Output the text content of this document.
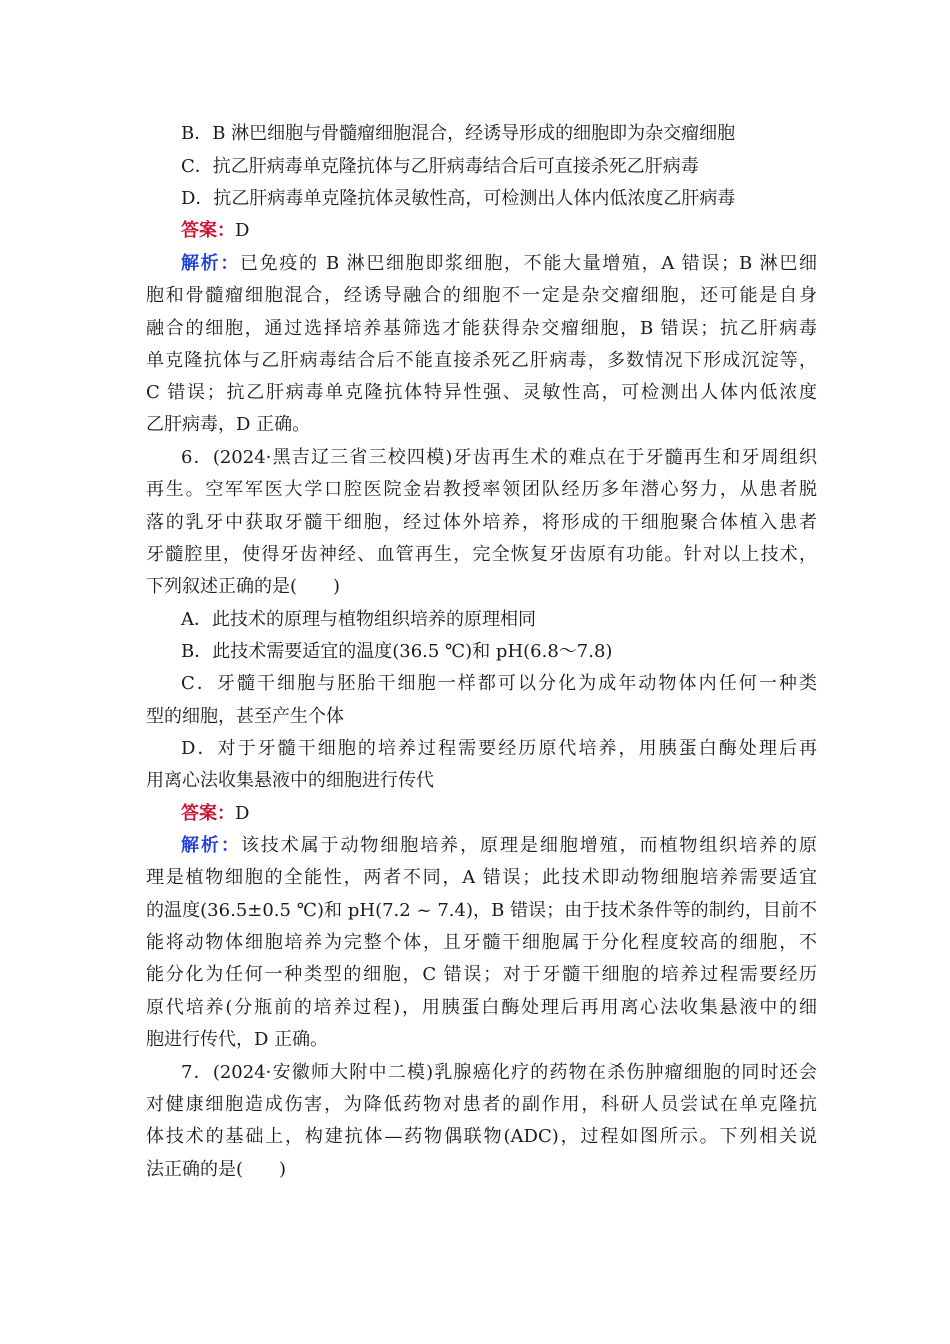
B．B 淋巴细胞与骨髓瘤细胞混合，经诱导形成的细胞即为杂交瘤细胞
C．抗乙肝病毒单克隆抗体与乙肝病毒结合后可直接杀死乙肝病毒
D．抗乙肝病毒单克隆抗体灵敏性高，可检测出人体内低浓度乙肝病毒
答案：D
解析：已免疫的 B 淋巴细胞即浆细胞，不能大量增殖，A 错误；B 淋巴细
胞和骨髓瘤细胞混合，经诱导融合的细胞不一定是杂交瘤细胞，还可能是自身
融合的细胞，通过选择培养基筛选才能获得杂交瘤细胞，B 错误；抗乙肝病毒
单克隆抗体与乙肝病毒结合后不能直接杀死乙肝病毒，多数情况下形成沉淀等，
C 错误；抗乙肝病毒单克隆抗体特异性强、灵敏性高，可检测出人体内低浓度
乙肝病毒，D 正确。
6．(2024·黑吉辽三省三校四模)牙齿再生术的难点在于牙髓再生和牙周组织
再生。空军军医大学口腔医院金岩教授率领团队经历多年潜心努力，从患者脱
落的乳牙中获取牙髓干细胞，经过体外培养，将形成的干细胞聚合体植入患者
牙髓腔里，使得牙齿神经、血管再生，完全恢复牙齿原有功能。针对以上技术，
下列叙述正确的是(　　)
A．此技术的原理与植物组织培养的原理相同
B．此技术需要适宜的温度(36.5 ℃)和 pH(6.8～7.8)
C．牙髓干细胞与胚胎干细胞一样都可以分化为成年动物体内任何一种类
型的细胞，甚至产生个体
D．对于牙髓干细胞的培养过程需要经历原代培养，用胰蛋白酶处理后再
用离心法收集悬液中的细胞进行传代
答案：D
解析：该技术属于动物细胞培养，原理是细胞增殖，而植物组织培养的原
理是植物细胞的全能性，两者不同，A 错误；此技术即动物细胞培养需要适宜
的温度(36.5±0.5 ℃)和 pH(7.2 ~ 7.4)，B 错误；由于技术条件等的制约，目前不
能将动物体细胞培养为完整个体，且牙髓干细胞属于分化程度较高的细胞，不
能分化为任何一种类型的细胞，C 错误；对于牙髓干细胞的培养过程需要经历
原代培养(分瓶前的培养过程)，用胰蛋白酶处理后再用离心法收集悬液中的细
胞进行传代，D 正确。
7．(2024·安徽师大附中二模)乳腺癌化疗的药物在杀伤肿瘤细胞的同时还会
对健康细胞造成伤害，为降低药物对患者的副作用，科研人员尝试在单克隆抗
体技术的基础上，构建抗体—药物偶联物(ADC)，过程如图所示。下列相关说
法正确的是(　　)
